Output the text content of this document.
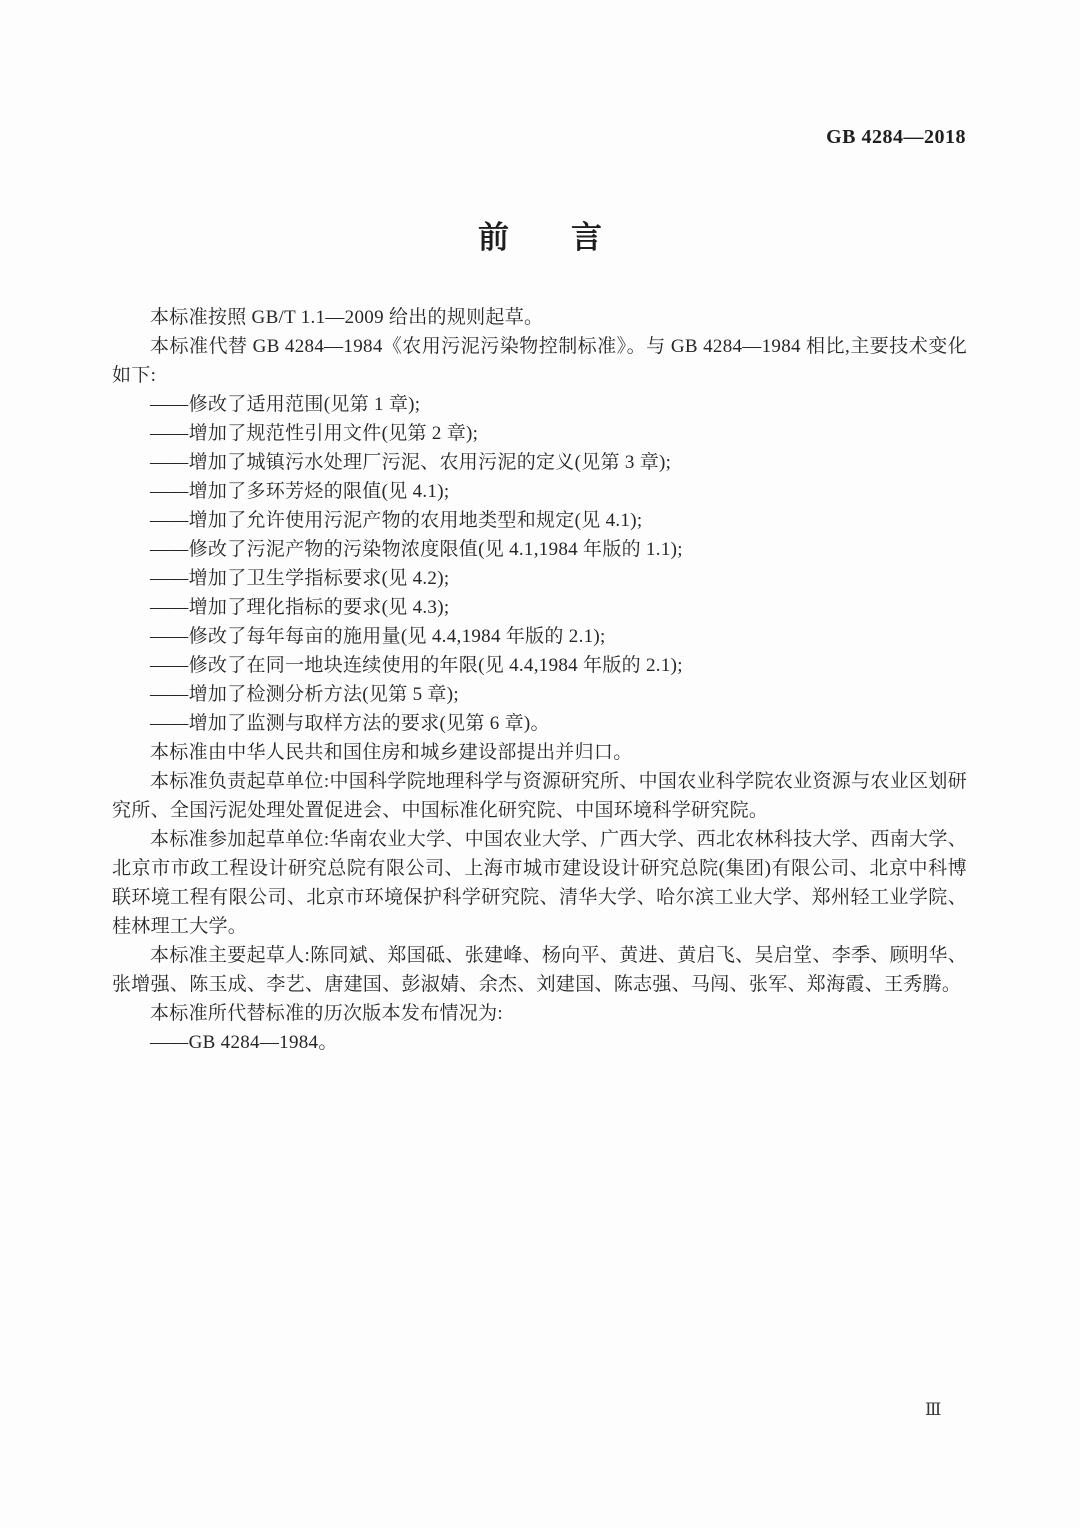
GB 4284—2018
前　　言

本标准按照 GB/T 1.1—2009 给出的规则起草。

本标准代替 GB 4284—1984《农用污泥污染物控制标准》。与 GB 4284—1984 相比,主要技术变化如下:

——修改了适用范围(见第 1 章);

——增加了规范性引用文件(见第 2 章);

——增加了城镇污水处理厂污泥、农用污泥的定义(见第 3 章);

——增加了多环芳烃的限值(见 4.1);

——增加了允许使用污泥产物的农用地类型和规定(见 4.1);

——修改了污泥产物的污染物浓度限值(见 4.1,1984 年版的 1.1);

——增加了卫生学指标要求(见 4.2);

——增加了理化指标的要求(见 4.3);

——修改了每年每亩的施用量(见 4.4,1984 年版的 2.1);

——修改了在同一地块连续使用的年限(见 4.4,1984 年版的 2.1);

——增加了检测分析方法(见第 5 章);

——增加了监测与取样方法的要求(见第 6 章)。

本标准由中华人民共和国住房和城乡建设部提出并归口。

本标准负责起草单位:中国科学院地理科学与资源研究所、中国农业科学院农业资源与农业区划研究所、全国污泥处理处置促进会、中国标准化研究院、中国环境科学研究院。

本标准参加起草单位:华南农业大学、中国农业大学、广西大学、西北农林科技大学、西南大学、北京市市政工程设计研究总院有限公司、上海市城市建设设计研究总院(集团)有限公司、北京中科博联环境工程有限公司、北京市环境保护科学研究院、清华大学、哈尔滨工业大学、郑州轻工业学院、桂林理工大学。

本标准主要起草人:陈同斌、郑国砥、张建峰、杨向平、黄进、黄启飞、吴启堂、李季、顾明华、张增强、陈玉成、李艺、唐建国、彭淑婧、余杰、刘建国、陈志强、马闯、张军、郑海霞、王秀腾。

本标准所代替标准的历次版本发布情况为:

——GB 4284—1984。

Ⅲ
